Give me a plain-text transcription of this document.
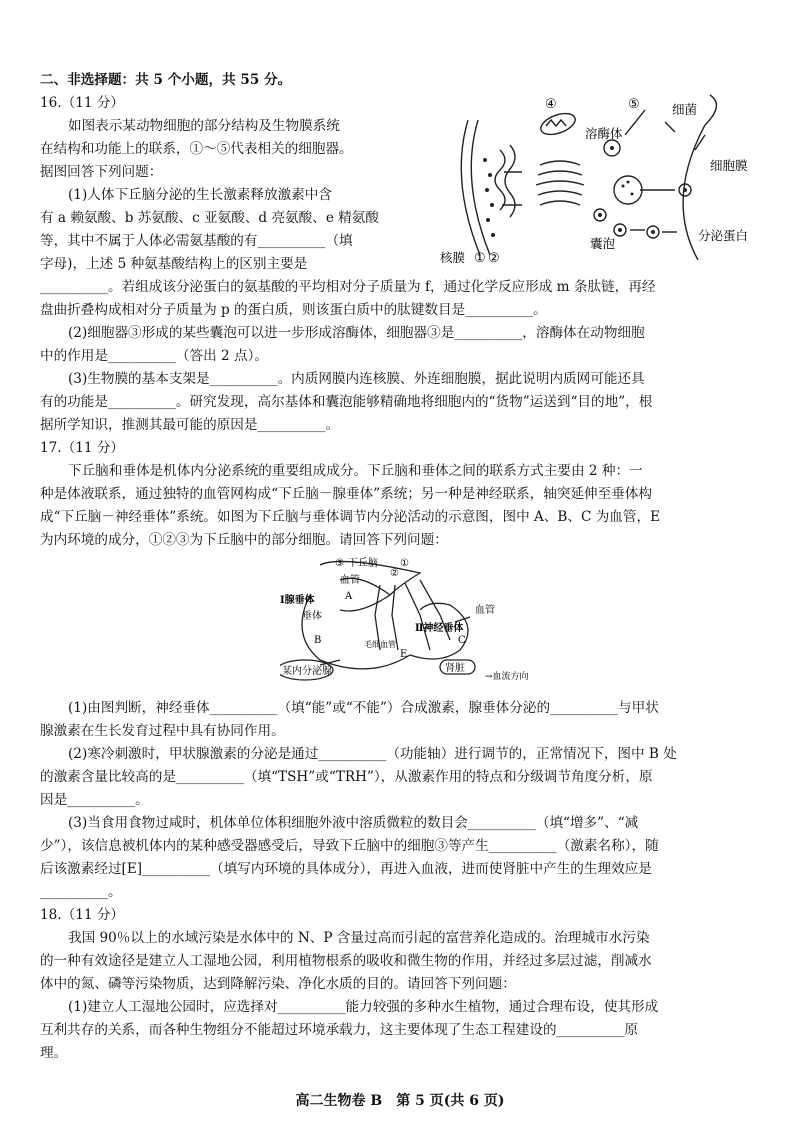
二、非选择题：共 5 个小题，共 55 分。
16.（11 分）
如图表示某动物细胞的部分结构及生物膜系统
在结构和功能上的联系，①～⑤代表相关的细胞器。
据图回答下列问题：
(1)人体下丘脑分泌的生长激素释放激素中含
有 a 赖氨酸、b 苏氨酸、c 亚氨酸、d 亮氨酸、e 精氨酸
等，其中不属于人体必需氨基酸的有__________（填
字母)，上述 5 种氨基酸结构上的区别主要是
__________。若组成该分泌蛋白的氨基酸的平均相对分子质量为 f，通过化学反应形成 m 条肽链，再经
盘曲折叠构成相对分子质量为 p 的蛋白质，则该蛋白质中的肽键数目是__________。
(2)细胞器③形成的某些囊泡可以进一步形成溶酶体，细胞器③是__________，溶酶体在动物细胞
中的作用是__________（答出 2 点）。
(3)生物膜的基本支架是__________。内质网膜内连核膜、外连细胞膜，据此说明内质网可能还具
有的功能是__________。研究发现，高尔基体和囊泡能够精确地将细胞内的“货物”运送到“目的地”，根
据所学知识，推测其最可能的原因是__________。
④	⑤	细菌
溶酶体
细胞膜
核膜 ① ②
囊泡
分泌蛋白
17.（11 分）
下丘脑和垂体是机体内分泌系统的重要组成成分。下丘脑和垂体之间的联系方式主要由 2 种：一
种是体液联系，通过独特的血管网构成“下丘脑－腺垂体”系统；另一种是神经联系，轴突延伸至垂体构
成“下丘脑－神经垂体”系统。如图为下丘脑与垂体调节内分泌活动的示意图，图中 A、B、C 为血管，E
为内环境的成分，①②③为下丘脑中的部分细胞。请回答下列问题：
③	①
下丘脑
②
血管
Ⅰ腺垂体	A
垂体
血管
Ⅱ神经垂体
B	C
毛细血管
E
某内分泌腺	肾脏
→血流方向
(1)由图判断，神经垂体__________（填“能”或“不能”）合成激素，腺垂体分泌的__________与甲状
腺激素在生长发育过程中具有协同作用。
(2)寒冷刺激时，甲状腺激素的分泌是通过__________（功能轴）进行调节的，正常情况下，图中 B 处
的激素含量比较高的是__________（填“TSH”或“TRH”），从激素作用的特点和分级调节角度分析，原
因是__________。
(3)当食用食物过咸时，机体单位体积细胞外液中溶质微粒的数目会__________（填“增多”、“减
少”），该信息被机体内的某种感受器感受后，导致下丘脑中的细胞③等产生__________（激素名称），随
后该激素经过[E]__________（填写内环境的具体成分），再进入血液，进而使肾脏中产生的生理效应是
__________。
18.（11 分）
我国 90％以上的水域污染是水体中的 N、P 含量过高而引起的富营养化造成的。治理城市水污染
的一种有效途径是建立人工湿地公园，利用植物根系的吸收和微生物的作用，并经过多层过滤，削减水
体中的氮、磷等污染物质，达到降解污染、净化水质的目的。请回答下列问题：
(1)建立人工湿地公园时，应选择对__________能力较强的多种水生植物，通过合理布设，使其形成
互利共存的关系，而各种生物组分不能超过环境承载力，这主要体现了生态工程建设的__________原
理。
高二生物卷 B　第 5 页(共 6 页)
